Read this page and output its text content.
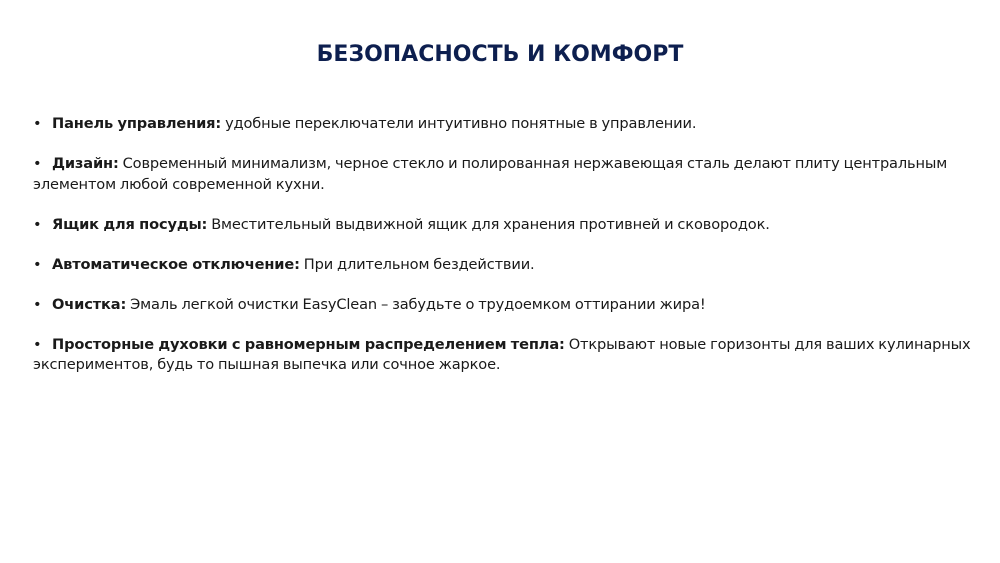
БЕЗОПАСНОСТЬ И КОМФОРТ
• Панель управления: удобные переключатели интуитивно понятные в управлении.
• Дизайн: Современный минимализм, черное стекло и полированная нержавеющая сталь делают плиту центральным элементом любой современной кухни.
• Ящик для посуды: Вместительный выдвижной ящик для хранения противней и сковородок.
• Автоматическое отключение: При длительном бездействии.
• Очистка: Эмаль легкой очистки EasyClean – забудьте о трудоемком оттирании жира!
• Просторные духовки с равномерным распределением тепла: Открывают новые горизонты для ваших кулинарных экспериментов, будь то пышная выпечка или сочное жаркое.
